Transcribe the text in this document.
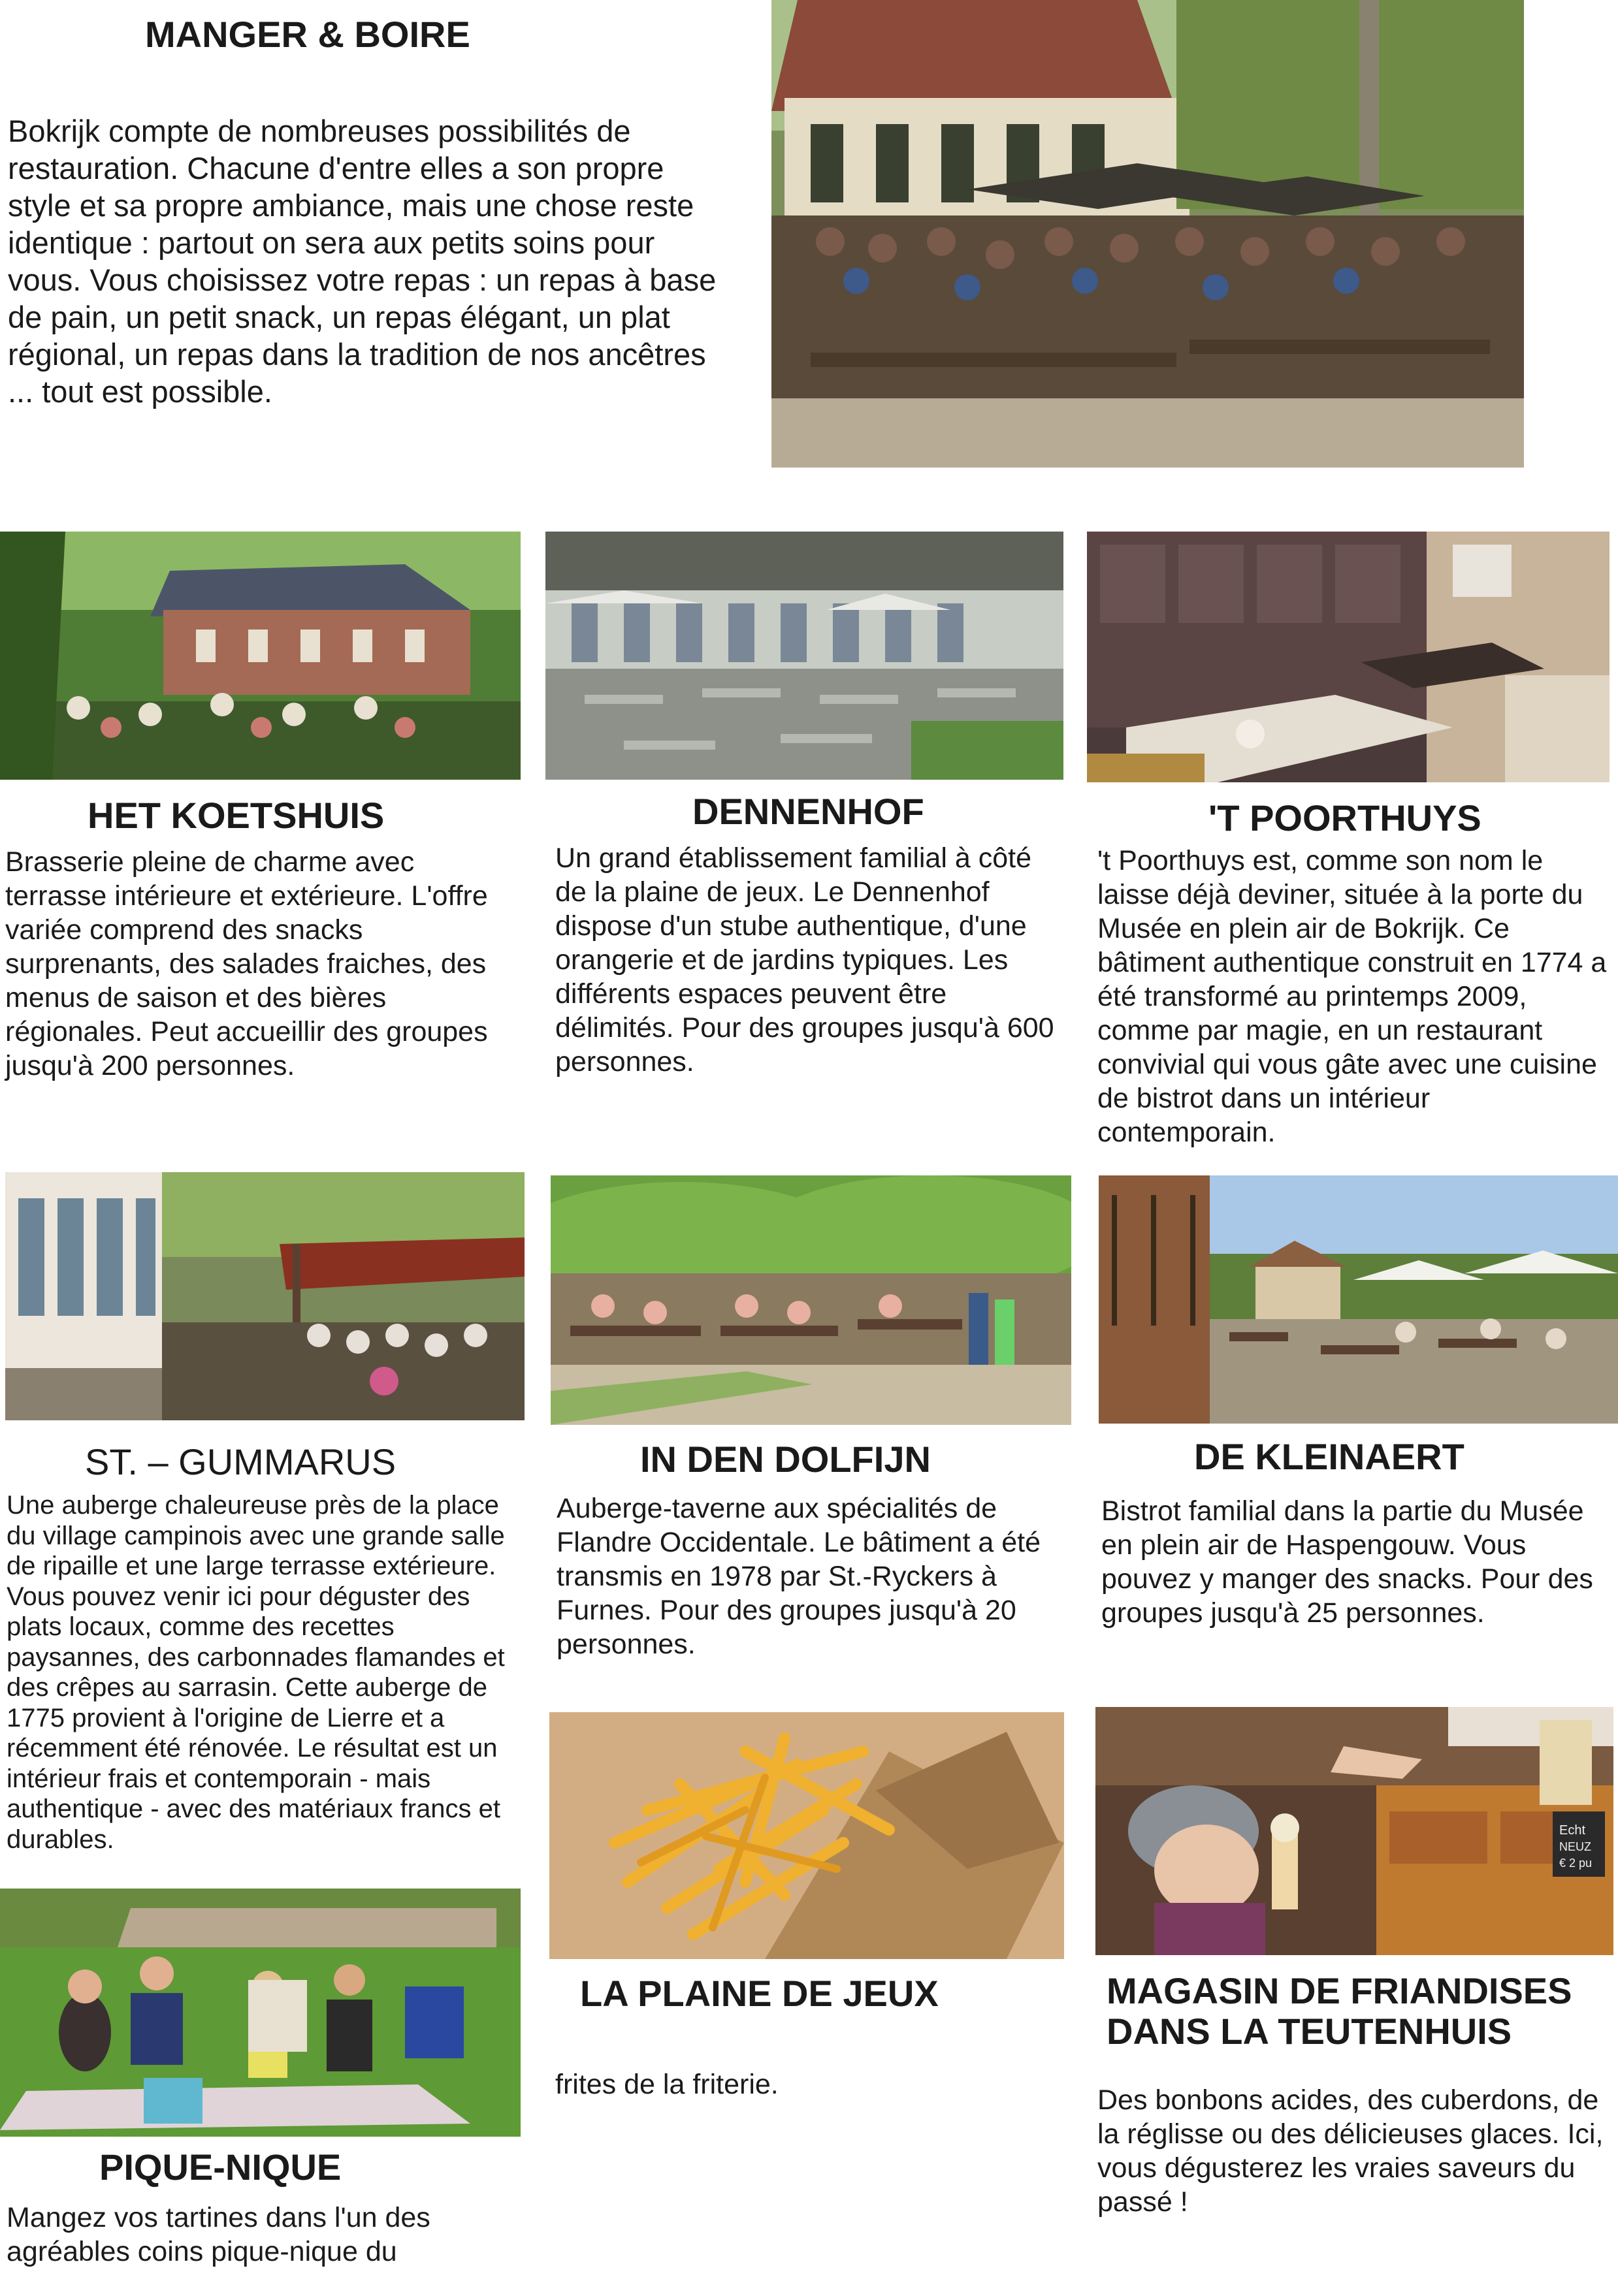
MANGER & BOIRE
Bokrijk compte de nombreuses possibilités de restauration. Chacune d'entre elles a son propre style et sa propre ambiance, mais une chose reste identique : partout on sera aux petits soins pour vous. Vous choisissez votre repas : un repas à base de pain, un petit snack, un repas élégant, un plat régional, un repas dans la tradition de nos ancêtres ... tout est possible.
HET KOETSHUIS
Brasserie pleine de charme avec terrasse intérieure et extérieure. L'offre variée comprend des snacks surprenants, des salades fraiches, des menus de saison et des bières régionales. Peut accueillir des groupes jusqu'à 200 personnes.
DENNENHOF
Un grand établissement familial à côté de la plaine de jeux. Le Dennenhof dispose d'un stube authentique, d'une orangerie et de jardins typiques. Les différents espaces peuvent être délimités. Pour des groupes jusqu'à 600 personnes.
'T POORTHUYS
't Poorthuys est, comme son nom le laisse déjà deviner, située à la porte du Musée en plein air de Bokrijk. Ce bâtiment authentique construit en 1774 a été transformé au printemps 2009, comme par magie, en un restaurant convivial qui vous gâte avec une cuisine de bistrot dans un intérieur contemporain.
ST. – GUMMARUS
Une auberge chaleureuse près de la place du village campinois avec une grande salle de ripaille et une large terrasse extérieure. Vous pouvez venir ici pour déguster des plats locaux, comme des recettes paysannes, des carbonnades flamandes et des crêpes au sarrasin. Cette auberge de 1775 provient à l'origine de Lierre et a récemment été rénovée. Le résultat est un intérieur frais et contemporain - mais authentique - avec des matériaux francs et durables.
IN DEN DOLFIJN
Auberge-taverne aux spécialités de Flandre Occidentale. Le bâtiment a été transmis en 1978 par St.-Ryckers à Furnes. Pour des groupes jusqu'à 20 personnes.
DE KLEINAERT
Bistrot familial dans la partie du Musée en plein air de Haspengouw. Vous pouvez y manger des snacks. Pour des groupes jusqu'à 25 personnes.
Echt
NEUZ
€ 2 pu
LA PLAINE DE JEUX
frites de la friterie.
MAGASIN DE FRIANDISES DANS LA TEUTENHUIS
Des bonbons acides, des cuberdons, de la réglisse ou des délicieuses glaces. Ici, vous dégusterez les vraies saveurs du passé !
PIQUE-NIQUE
Mangez vos tartines dans l'un des agréables coins pique-nique du
